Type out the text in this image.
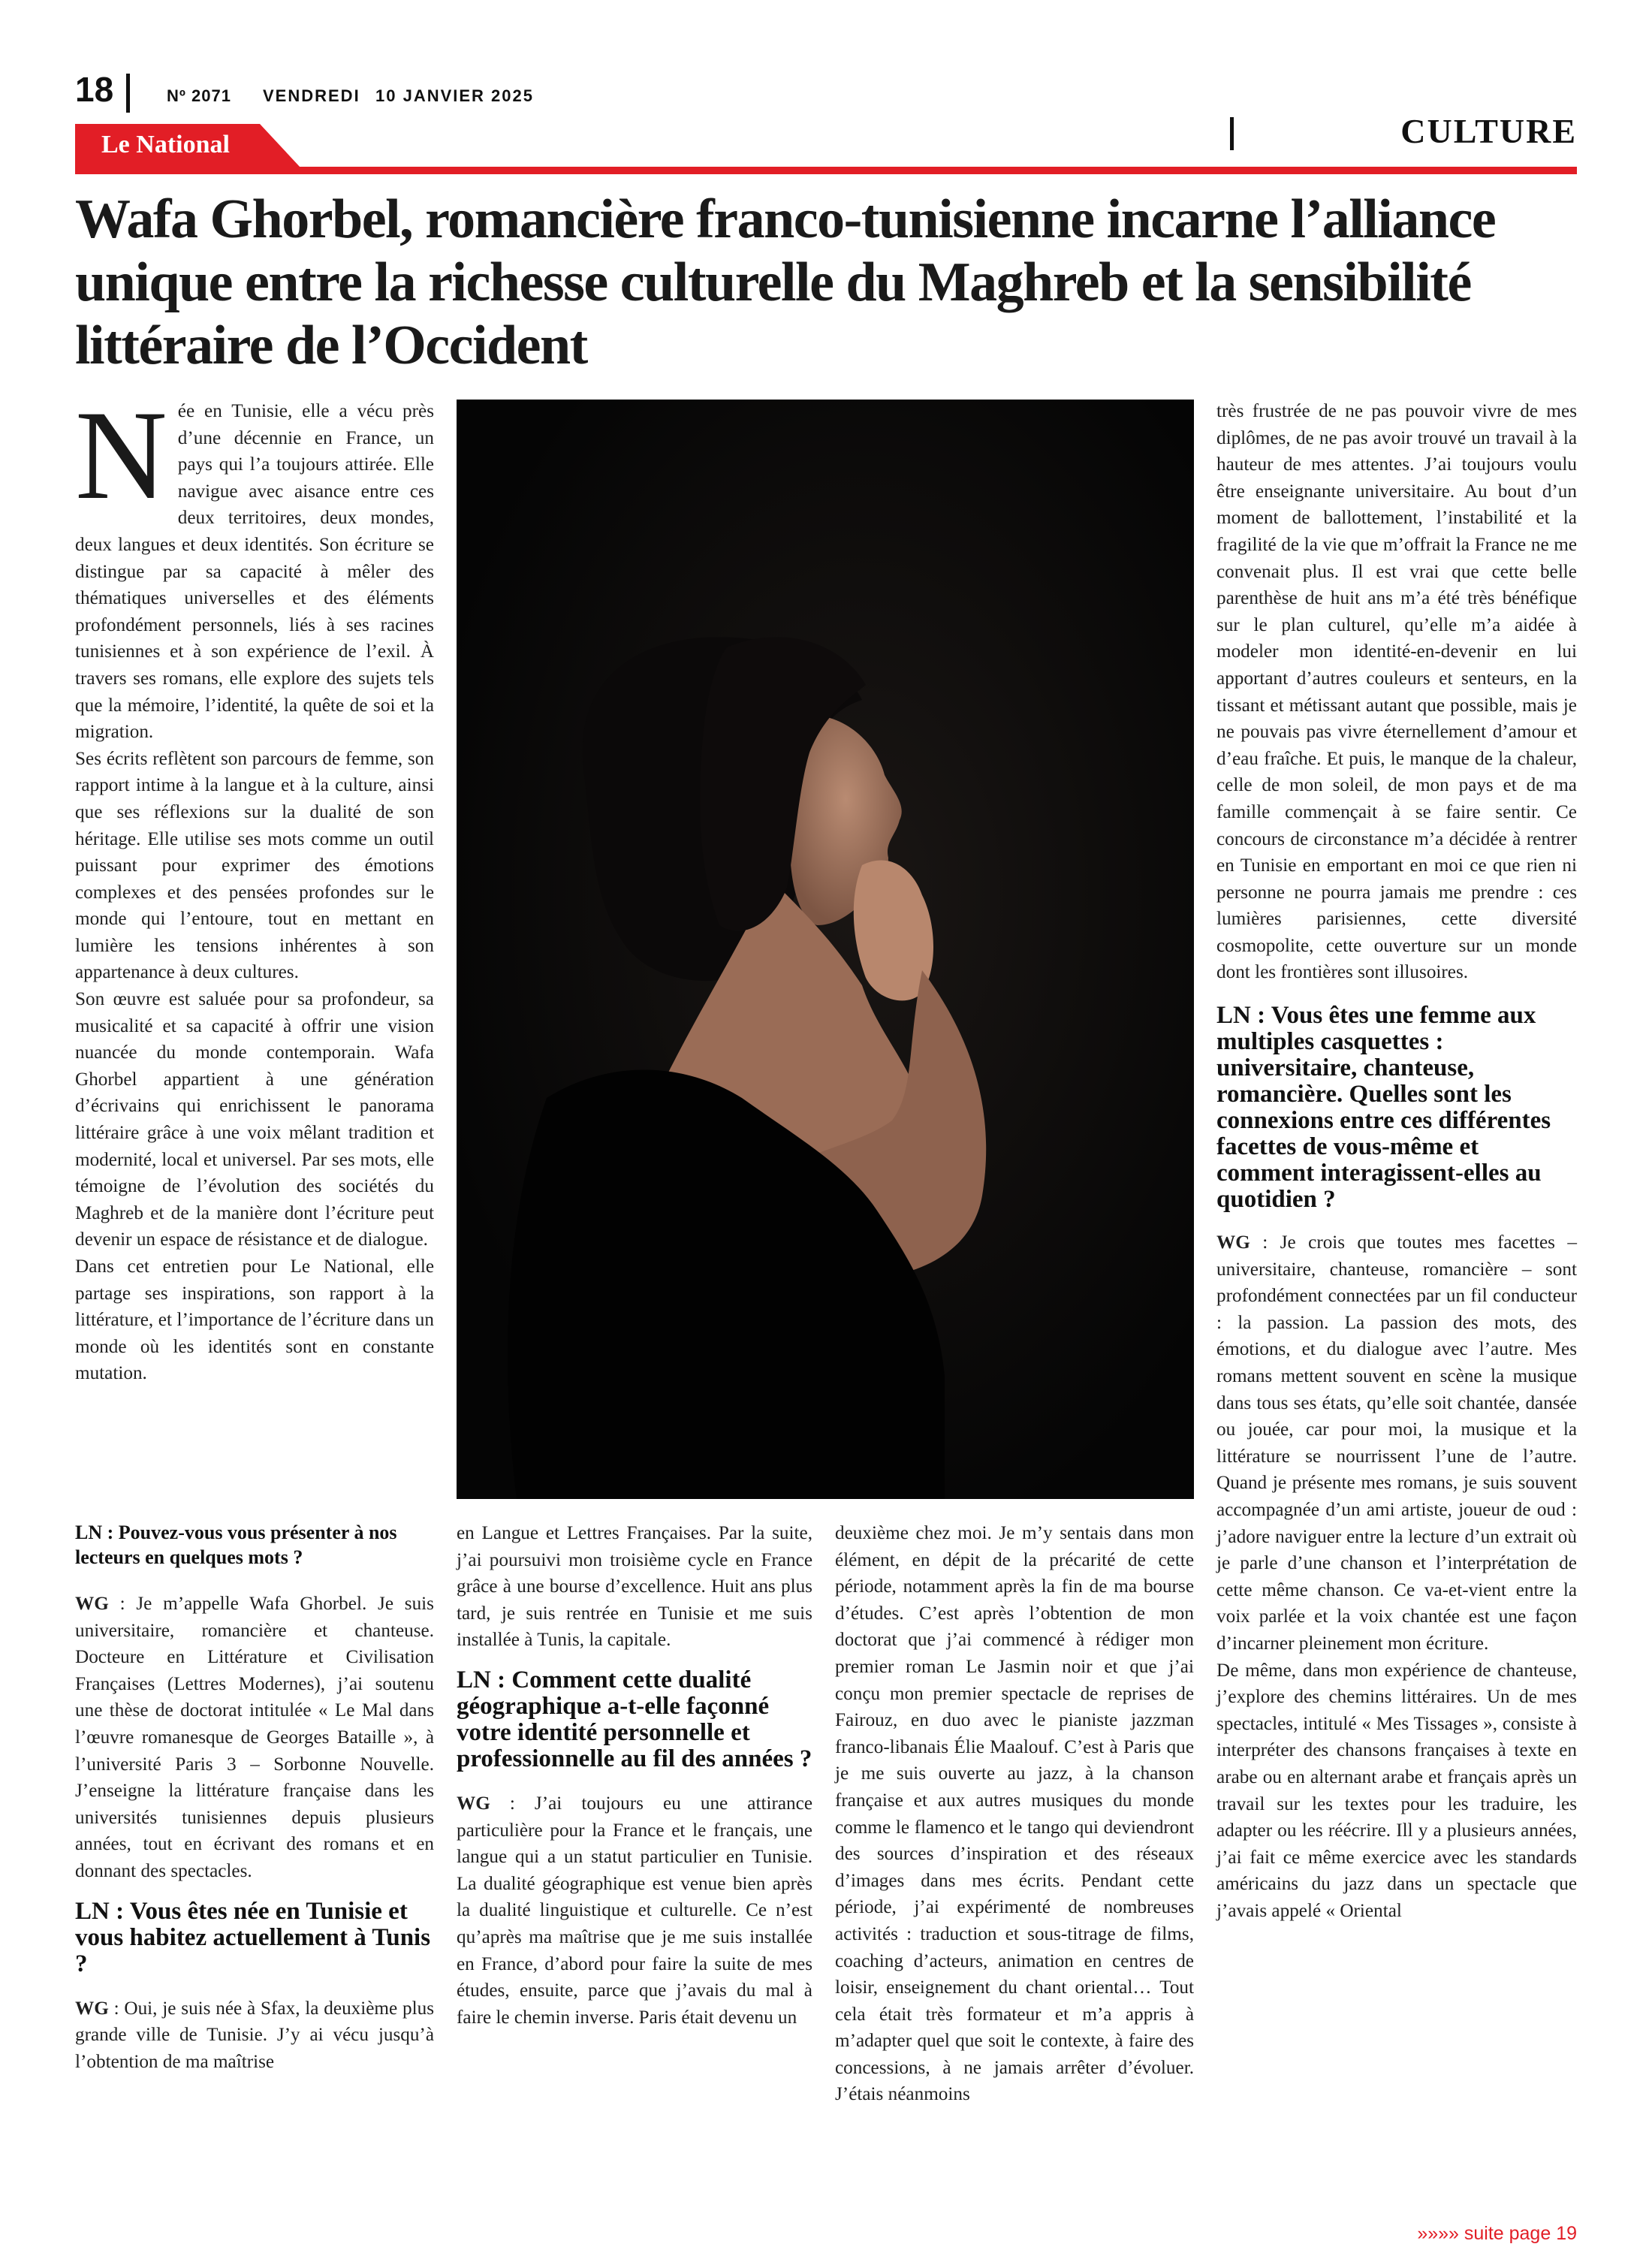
18	Nº 2071 VENDREDI 10 JANVIER 2025
CULTURE
Le National
Wafa Ghorbel, romancière franco-tunisienne incarne l’alliance unique entre la richesse culturelle du Maghreb et la sensibilité littéraire de l’Occident
N ée en Tunisie, elle a vécu près d’une décennie en France, un pays qui l’a toujours attirée. Elle navigue avec aisance entre ces deux territoires, deux mondes, deux langues et deux identités. Son écriture se distingue par sa capacité à mêler des thématiques universelles et des éléments profondément personnels, liés à ses racines tunisiennes et à son expérience de l’exil. À travers ses romans, elle explore des sujets tels que la mémoire, l’identité, la quête de soi et la migration.

Ses écrits reflètent son parcours de femme, son rapport intime à la langue et à la culture, ainsi que ses réflexions sur la dualité de son héritage. Elle utilise ses mots comme un outil puissant pour exprimer des émotions complexes et des pensées profondes sur le monde qui l’entoure, tout en mettant en lumière les tensions inhérentes à son appartenance à deux cultures.

Son œuvre est saluée pour sa profondeur, sa musicalité et sa capacité à offrir une vision nuancée du monde contemporain. Wafa Ghorbel appartient à une génération d’écrivains qui enrichissent le panorama littéraire grâce à une voix mêlant tradition et modernité, local et universel. Par ses mots, elle témoigne de l’évolution des sociétés du Maghreb et de la manière dont l’écriture peut devenir un espace de résistance et de dialogue.

Dans cet entretien pour Le National, elle partage ses inspirations, son rapport à la littérature, et l’importance de l’écriture dans un monde où les identités sont en constante mutation.

LN : Pouvez-vous vous présenter à nos lecteurs en quelques mots ?

WG : Je m’appelle Wafa Ghorbel. Je suis universitaire, romancière et chanteuse. Docteure en Littérature et Civilisation Françaises (Lettres Modernes), j’ai soutenu une thèse de doctorat intitulée « Le Mal dans l’œuvre romanesque de Georges Bataille », à l’université Paris 3 – Sorbonne Nouvelle. J’enseigne la littérature française dans les universités tunisiennes depuis plusieurs années, tout en écrivant des romans et en donnant des spectacles.

LN : Vous êtes née en Tunisie et vous habitez actuellement à Tunis ?

WG : Oui, je suis née à Sfax, la deuxième plus grande ville de Tunisie. J’y ai vécu jusqu’à l’obtention de ma maîtrise

en Langue et Lettres Françaises. Par la suite, j’ai poursuivi mon troisième cycle en France grâce à une bourse d’excellence. Huit ans plus tard, je suis rentrée en Tunisie et me suis installée à Tunis, la capitale.

LN : Comment cette dualité géographique a-t-elle façonné votre identité personnelle et professionnelle au fil des années ?

WG : J’ai toujours eu une attirance particulière pour la France et le français, une langue qui a un statut particulier en Tunisie. La dualité géographique est venue bien après la dualité linguistique et culturelle. Ce n’est qu’après ma maîtrise que je me suis installée en France, d’abord pour faire la suite de mes études, ensuite, parce que j’avais du mal à faire le chemin inverse. Paris était devenu un

deuxième chez moi. Je m’y sentais dans mon élément, en dépit de la précarité de cette période, notamment après la fin de ma bourse d’études. C’est après l’obtention de mon doctorat que j’ai commencé à rédiger mon premier roman Le Jasmin noir et que j’ai conçu mon premier spectacle de reprises de Fairouz, en duo avec le pianiste jazzman franco-libanais Élie Maalouf. C’est à Paris que je me suis ouverte au jazz, à la chanson française et aux autres musiques du monde comme le flamenco et le tango qui deviendront des sources d’inspiration et des réseaux d’images dans mes écrits. Pendant cette période, j’ai expérimenté de nombreuses activités : traduction et sous-titrage de films, coaching d’acteurs, animation en centres de loisir, enseignement du chant oriental… Tout cela était très formateur et m’a appris à m’adapter quel que soit le contexte, à faire des concessions, à ne jamais arrêter d’évoluer. J’étais néanmoins

très frustrée de ne pas pouvoir vivre de mes diplômes, de ne pas avoir trouvé un travail à la hauteur de mes attentes. J’ai toujours voulu être enseignante universitaire. Au bout d’un moment de ballottement, l’instabilité et la fragilité de la vie que m’offrait la France ne me convenait plus. Il est vrai que cette belle parenthèse de huit ans m’a été très bénéfique sur le plan culturel, qu’elle m’a aidée à modeler mon identité-en-devenir en lui apportant d’autres couleurs et senteurs, en la tissant et métissant autant que possible, mais je ne pouvais pas vivre éternellement d’amour et d’eau fraîche. Et puis, le manque de la chaleur, celle de mon soleil, de mon pays et de ma famille commençait à se faire sentir. Ce concours de circonstance m’a décidée à rentrer en Tunisie en emportant en moi ce que rien ni personne ne pourra jamais me prendre : ces lumières parisiennes, cette diversité cosmopolite, cette ouverture sur un monde dont les frontières sont illusoires.

LN : Vous êtes une femme aux multiples casquettes : universitaire, chanteuse, romancière. Quelles sont les connexions entre ces différentes facettes de vous-même et comment interagissent-elles au quotidien ?

WG : Je crois que toutes mes facettes – universitaire, chanteuse, romancière – sont profondément connectées par un fil conducteur : la passion. La passion des mots, des émotions, et du dialogue avec l’autre. Mes romans mettent souvent en scène la musique dans tous ses états, qu’elle soit chantée, dansée ou jouée, car pour moi, la musique et la littérature se nourrissent l’une de l’autre. Quand je présente mes romans, je suis souvent accompagnée d’un ami artiste, joueur de oud : j’adore naviguer entre la lecture d’un extrait où je parle d’une chanson et l’interprétation de cette même chanson. Ce va-et-vient entre la voix parlée et la voix chantée est une façon d’incarner pleinement mon écriture.

De même, dans mon expérience de chanteuse, j’explore des chemins littéraires. Un de mes spectacles, intitulé « Mes Tissages », consiste à interpréter des chansons françaises à texte en arabe ou en alternant arabe et français après un travail sur les textes pour les traduire, les adapter ou les réécrire. Ill y a plusieurs années, j’ai fait ce même exercice avec les standards américains du jazz dans un spectacle que j’avais appelé « Oriental

»»»» suite page 19
